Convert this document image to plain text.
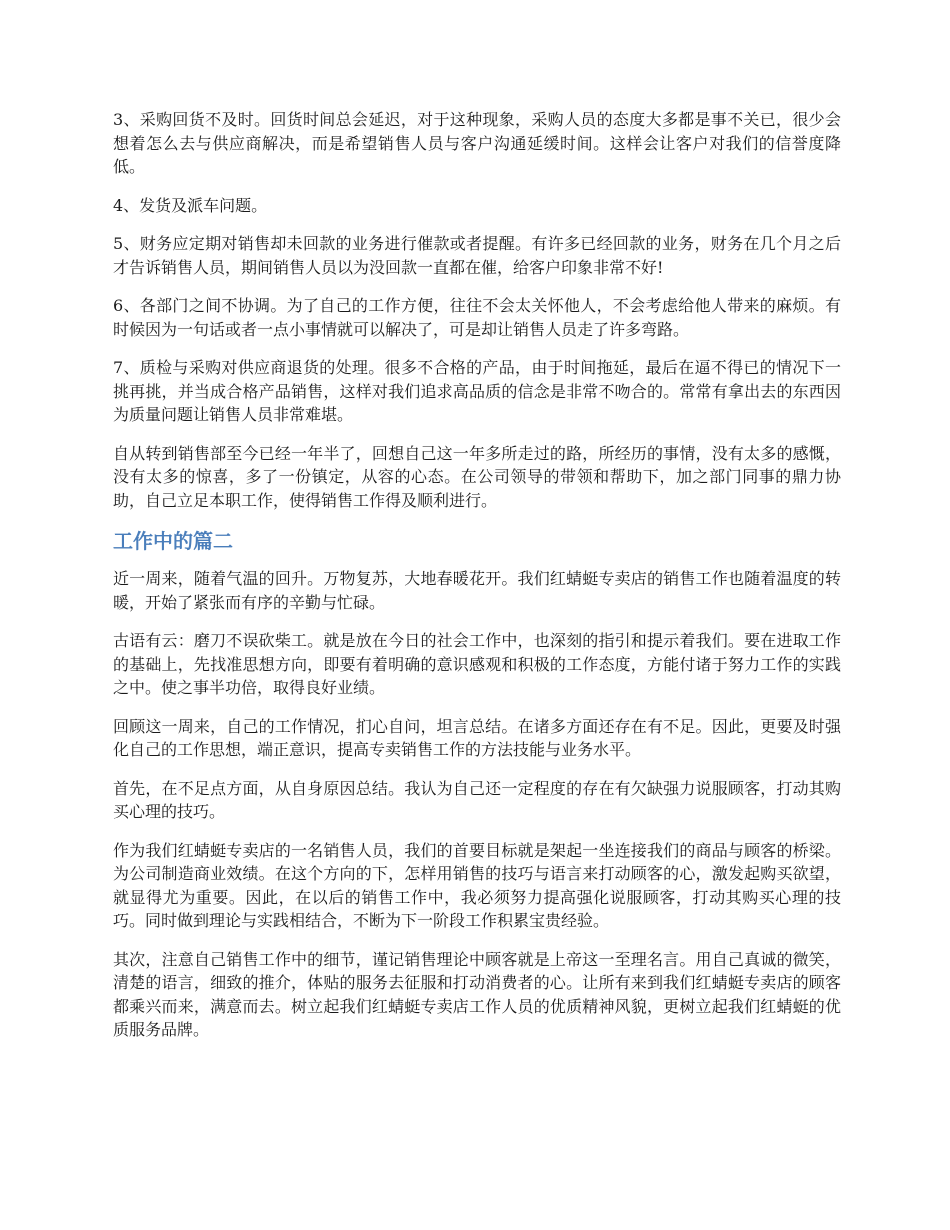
3、采购回货不及时。回货时间总会延迟，对于这种现象，采购人员的态度大多都是事不关已，很少会想着怎么去与供应商解决，而是希望销售人员与客户沟通延缓时间。这样会让客户对我们的信誉度降低。

4、发货及派车问题。

5、财务应定期对销售却未回款的业务进行催款或者提醒。有许多已经回款的业务，财务在几个月之后才告诉销售人员，期间销售人员以为没回款一直都在催，给客户印象非常不好!

6、各部门之间不协调。为了自己的工作方便，往往不会太关怀他人，不会考虑给他人带来的麻烦。有时候因为一句话或者一点小事情就可以解决了，可是却让销售人员走了许多弯路。

7、质检与采购对供应商退货的处理。很多不合格的产品，由于时间拖延，最后在逼不得已的情况下一挑再挑，并当成合格产品销售，这样对我们追求高品质的信念是非常不吻合的。常常有拿出去的东西因为质量问题让销售人员非常难堪。

自从转到销售部至今已经一年半了，回想自己这一年多所走过的路，所经历的事情，没有太多的感慨，没有太多的惊喜，多了一份镇定，从容的心态。在公司领导的带领和帮助下，加之部门同事的鼎力协助，自己立足本职工作，使得销售工作得及顺利进行。

工作中的篇二

近一周来，随着气温的回升。万物复苏，大地春暖花开。我们红蜻蜓专卖店的销售工作也随着温度的转暖，开始了紧张而有序的辛勤与忙碌。

古语有云：磨刀不误砍柴工。就是放在今日的社会工作中，也深刻的指引和提示着我们。要在进取工作的基础上，先找准思想方向，即要有着明确的意识感观和积极的工作态度，方能付诸于努力工作的实践之中。使之事半功倍，取得良好业绩。

回顾这一周来，自己的工作情况，扪心自问，坦言总结。在诸多方面还存在有不足。因此，更要及时强化自己的工作思想，端正意识，提高专卖销售工作的方法技能与业务水平。

首先，在不足点方面，从自身原因总结。我认为自己还一定程度的存在有欠缺强力说服顾客，打动其购买心理的技巧。

作为我们红蜻蜓专卖店的一名销售人员，我们的首要目标就是架起一坐连接我们的商品与顾客的桥梁。为公司制造商业效绩。在这个方向的下，怎样用销售的技巧与语言来打动顾客的心，激发起购买欲望，就显得尤为重要。因此，在以后的销售工作中，我必须努力提高强化说服顾客，打动其购买心理的技巧。同时做到理论与实践相结合，不断为下一阶段工作积累宝贵经验。

其次，注意自己销售工作中的细节，谨记销售理论中顾客就是上帝这一至理名言。用自己真诚的微笑，清楚的语言，细致的推介，体贴的服务去征服和打动消费者的心。让所有来到我们红蜻蜓专卖店的顾客都乘兴而来，满意而去。树立起我们红蜻蜓专卖店工作人员的优质精神风貌，更树立起我们红蜻蜓的优质服务品牌。
